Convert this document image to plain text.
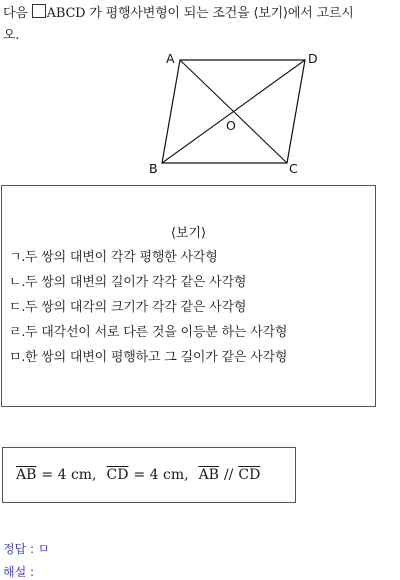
다음 ABCD 가 평행사변형이 되는 조건을 ⟨보기⟩에서 고르시
오.
A	D
B	C
O
⟨보기⟩
ㄱ. 두 쌍의 대변이 각각 평행한 사각형
ㄴ. 두 쌍의 대변의 길이가 각각 같은 사각형
ㄷ. 두 쌍의 대각의 크기가 각각 같은 사각형
ㄹ. 두 대각선이 서로 다른 것을 이등분 하는 사각형
ㅁ. 한 쌍의 대변이 평행하고 그 길이가 같은 사각형
$\overline{AB} = 4$ cm, $\overline{CD} = 4$ cm, $\overline{AB} // \overline{CD}$
정답 : ㅁ
해설 :
